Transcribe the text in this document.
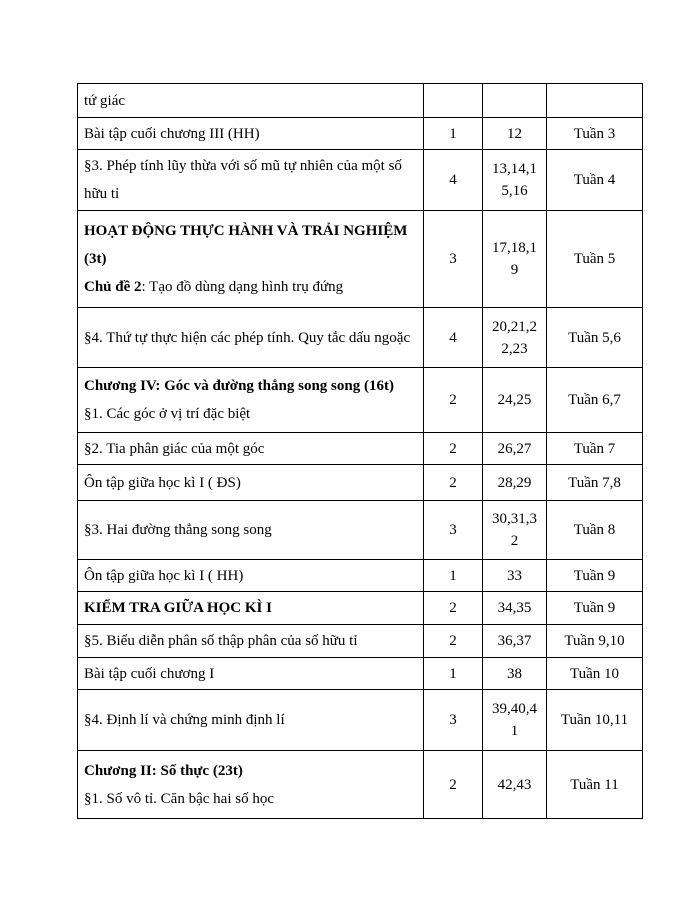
tứ giác			

Bài tập cuối chương III (HH)	1	12	Tuần 3

§3. Phép tính lũy thừa với số mũ tự nhiên của một số hữu tỉ	4	13,14,15,16	Tuần 4

HOẠT ĐỘNG THỰC HÀNH VÀ TRẢI NGHIỆM (3t)
Chủ đề 2: Tạo đồ dùng dạng hình trụ đứng	3	17,18,19	Tuần 5

§4. Thứ tự thực hiện các phép tính. Quy tắc dấu ngoặc	4	20,21,22,23	Tuần 5,6

Chương IV: Góc và đường thẳng song song (16t)
§1. Các góc ở vị trí đặc biệt	2	24,25	Tuần 6,7

§2. Tia phân giác của một góc	2	26,27	Tuần 7

Ôn tập giữa học kì I ( ĐS)	2	28,29	Tuần 7,8

§3. Hai đường thẳng song song	3	30,31,32	Tuần 8

Ôn tập giữa học kì I ( HH)	1	33	Tuần 9

KIỂM TRA GIỮA HỌC KÌ I	2	34,35	Tuần 9

§5. Biểu diễn phân số thập phân của số hữu tỉ	2	36,37	Tuần 9,10

Bài tập cuối chương I	1	38	Tuần 10

§4. Định lí và chứng minh định lí	3	39,40,41	Tuần 10,11

Chương II: Số thực (23t)
§1. Số vô tỉ. Căn bậc hai số học	2	42,43	Tuần 11
